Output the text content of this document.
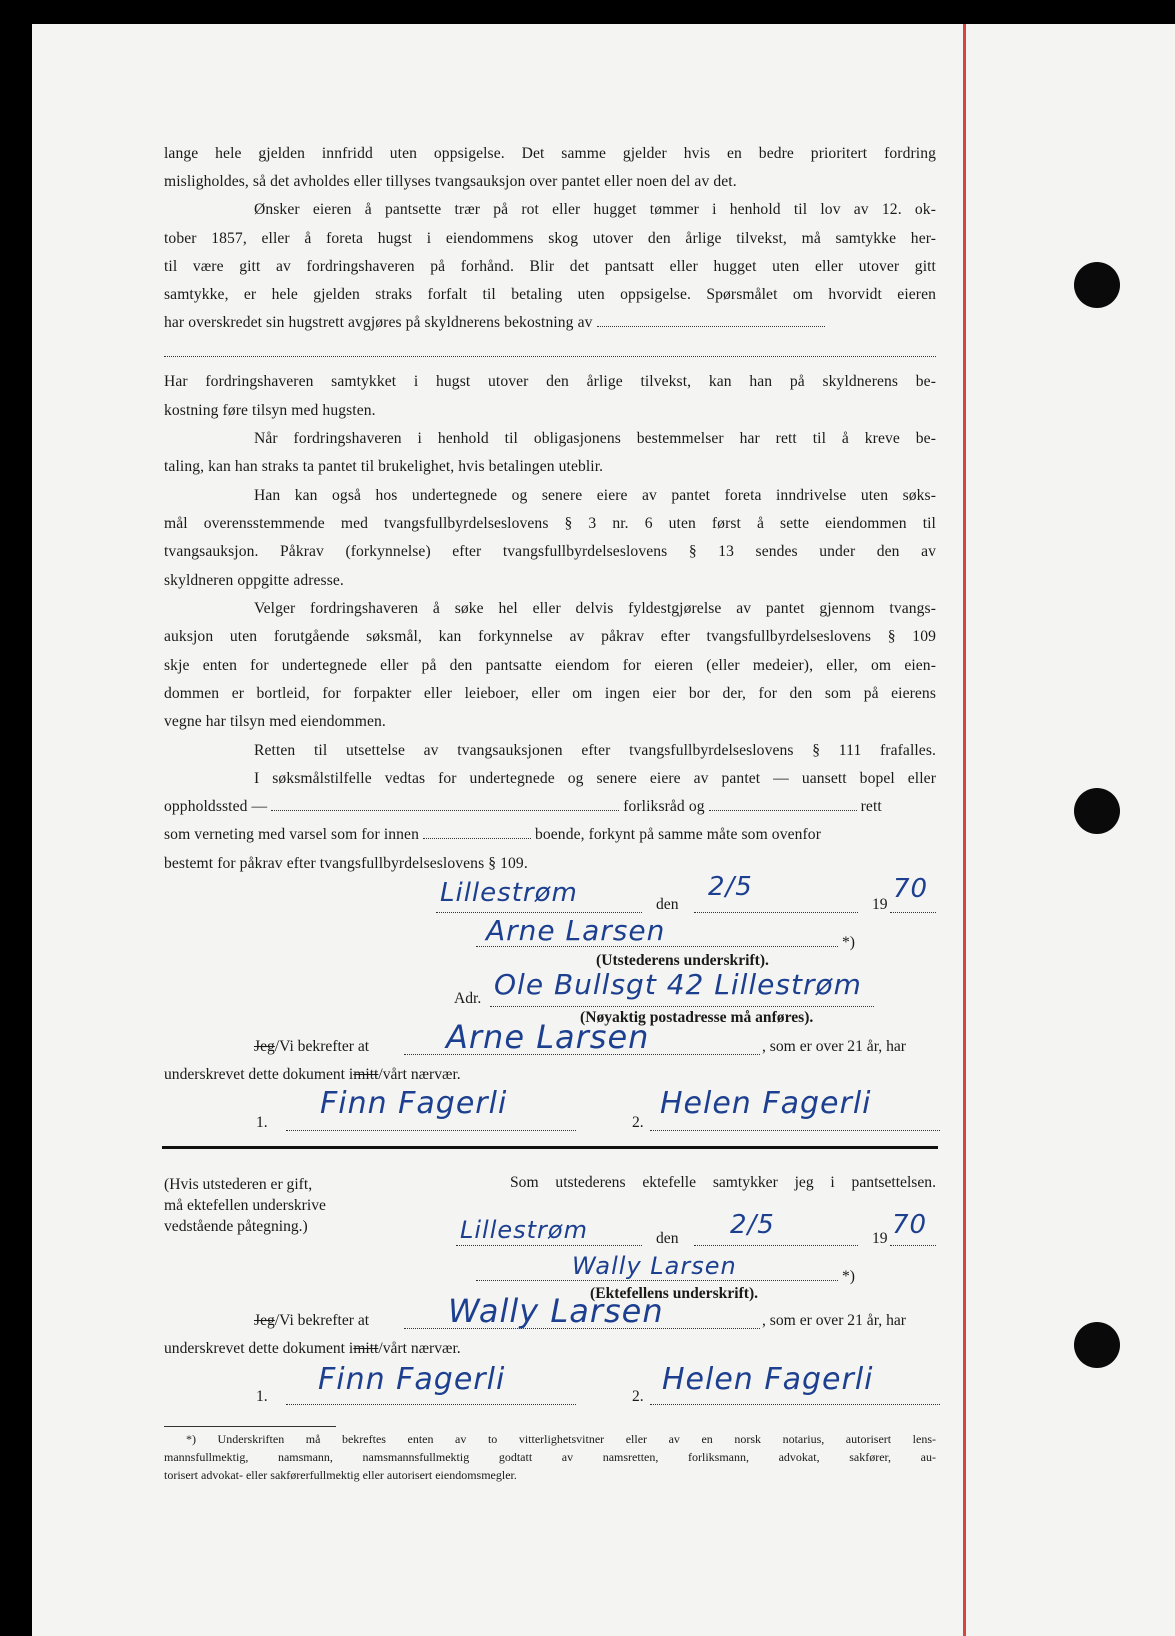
lange hele gjelden innfridd uten oppsigelse. Det samme gjelder hvis en bedre prioritert fordring
misligholdes, så det avholdes eller tillyses tvangsauksjon over pantet eller noen del av det.
Ønsker eieren å pantsette trær på rot eller hugget tømmer i henhold til lov av 12. ok-
tober 1857, eller å foreta hugst i eiendommens skog utover den årlige tilvekst, må samtykke her-
til være gitt av fordringshaveren på forhånd. Blir det pantsatt eller hugget uten eller utover gitt
samtykke, er hele gjelden straks forfalt til betaling uten oppsigelse. Spørsmålet om hvorvidt eieren
har overskredet sin hugstrett avgjøres på skyldnerens bekostning av
Har fordringshaveren samtykket i hugst utover den årlige tilvekst, kan han på skyldnerens be-
kostning føre tilsyn med hugsten.
Når fordringshaveren i henhold til obligasjonens bestemmelser har rett til å kreve be-
taling, kan han straks ta pantet til brukelighet, hvis betalingen uteblir.
Han kan også hos undertegnede og senere eiere av pantet foreta inndrivelse uten søks-
mål overensstemmende med tvangsfullbyrdelseslovens § 3 nr. 6 uten først å sette eiendommen til
tvangsauksjon. Påkrav (forkynnelse) efter tvangsfullbyrdelseslovens § 13 sendes under den av
skyldneren oppgitte adresse.
Velger fordringshaveren å søke hel eller delvis fyldestgjørelse av pantet gjennom tvangs-
auksjon uten forutgående søksmål, kan forkynnelse av påkrav efter tvangsfullbyrdelseslovens § 109
skje enten for undertegnede eller på den pantsatte eiendom for eieren (eller medeier), eller, om eien-
dommen er bortleid, for forpakter eller leieboer, eller om ingen eier bor der, for den som på eierens
vegne har tilsyn med eiendommen.
Retten til utsettelse av tvangsauksjonen efter tvangsfullbyrdelseslovens § 111 frafalles.
I søksmålstilfelle vedtas for undertegnede og senere eiere av pantet — uansett bopel eller
oppholdssted —	forliksråd og	rett
som verneting med varsel som for innen	boende, forkynt på samme måte som ovenfor
bestemt for påkrav efter tvangsfullbyrdelseslovens § 109.
Lillestrøm	den
2/5
19
70
Arne Larsen	*)
(Utstederens underskrift).
Adr. Ole Bullsgt 42 Lillestrøm
(Nøyaktig postadresse må anføres).
Jeg/Vi bekrefter at Arne Larsen	, som er over 21 år, har
underskrevet dette dokument imitt/vårt nærvær.
1.
Finn Fagerli
2.
Helen Fagerli
(Hvis utstederen er gift,
må ektefellen underskrive
vedstående påtegning.)
Som utstederens ektefelle samtykker jeg i pantsettelsen.
Lillestrøm	den 2/5	19 70
Wally Larsen	*)
(Ektefellens underskrift).
Jeg/Vi bekrefter at Wally Larsen	, som er over 21 år, har
underskrevet dette dokument imitt/vårt nærvær.
1. Finn Fagerli	2. Helen Fagerli
*) Underskriften må bekreftes enten av to vitterlighetsvitner eller av en norsk notarius, autorisert lens-
mannsfullmektig, namsmann, namsmannsfullmektig godtatt av namsretten, forliksmann, advokat, sakfører, au-
torisert advokat- eller sakførerfullmektig eller autorisert eiendomsmegler.
